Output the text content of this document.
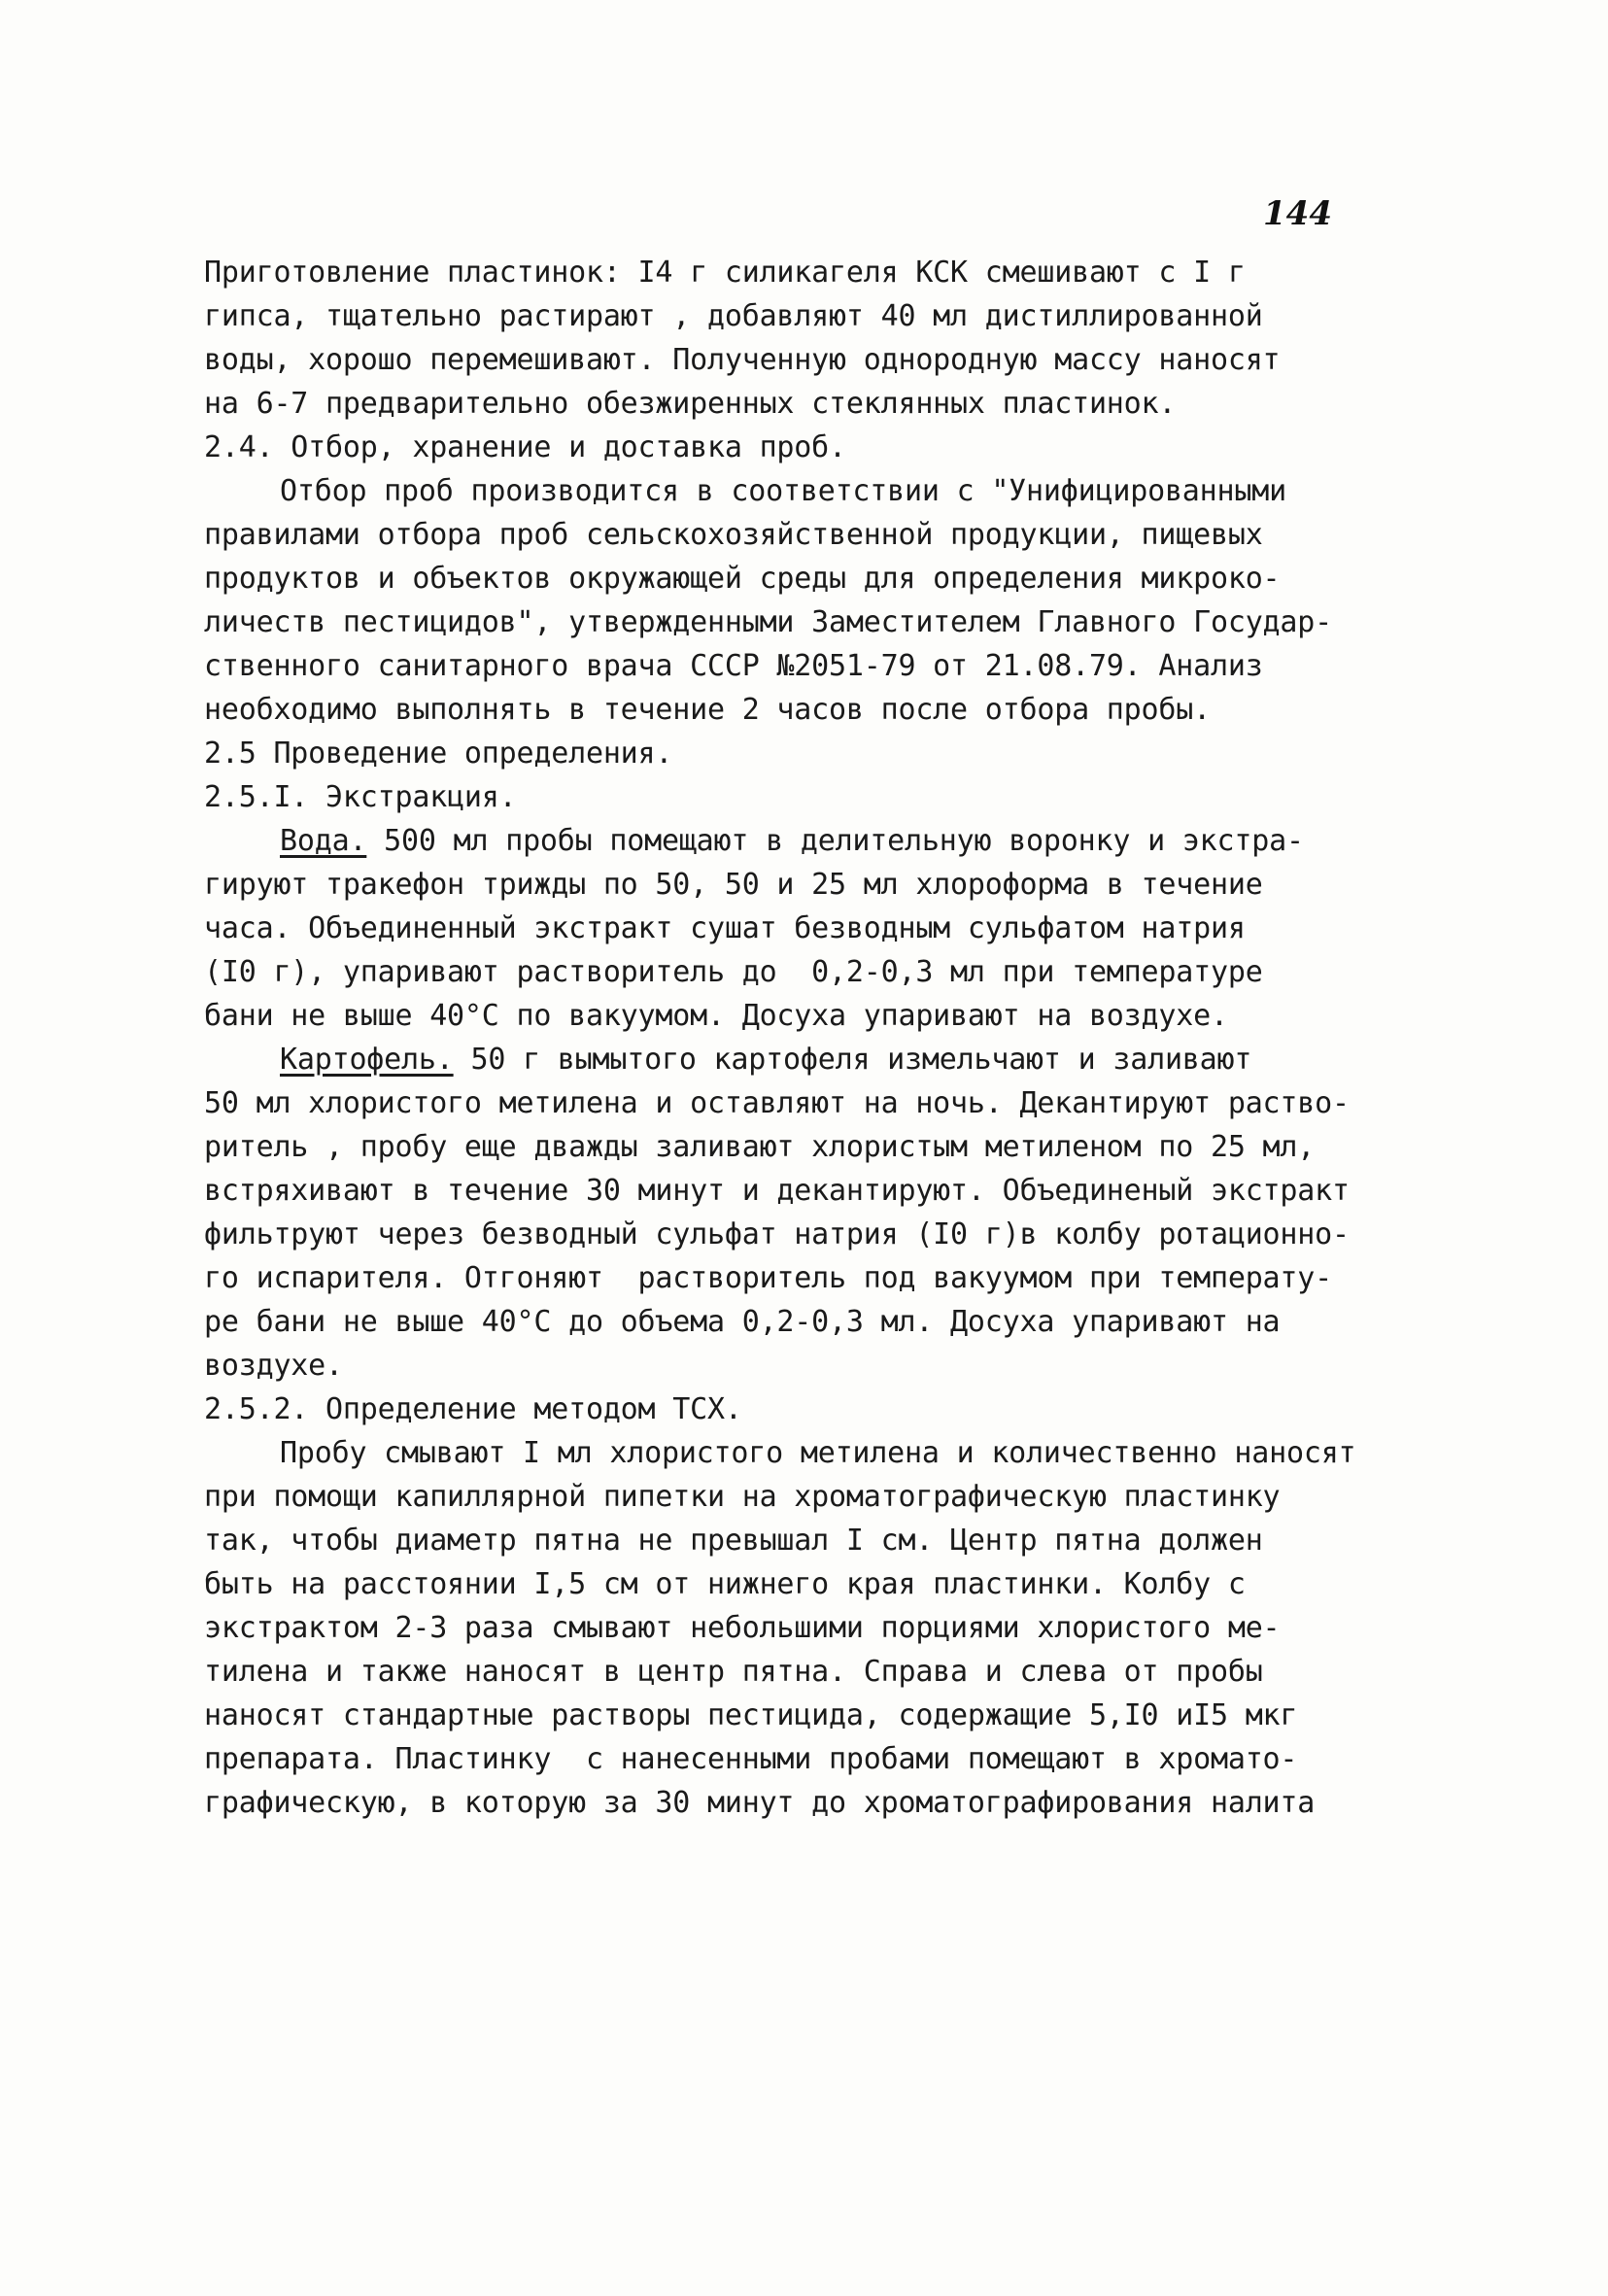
144
Приготовление пластинок: I4 г силикагеля КСК смешивают с I г
гипса, тщательно растирают , добавляют 40 мл дистиллированной
воды, хорошо перемешивают. Полученную однородную массу наносят
на 6-7 предварительно обезжиренных стеклянных пластинок.
2.4. Отбор, хранение и доставка проб.
Отбор проб производится в соответствии с "Унифицированными
правилами отбора проб сельскохозяйственной продукции, пищевых
продуктов и объектов окружающей среды для определения микроко-
личеств пестицидов", утвержденными Заместителем Главного Государ-
ственного санитарного врача СССР №2051-79 от 21.08.79. Анализ
необходимо выполнять в течение 2 часов после отбора пробы.
2.5 Проведение определения.
2.5.I. Экстракция.
Вода. 500 мл пробы помещают в делительную воронку и экстра-
гируют тракефон трижды по 50, 50 и 25 мл хлороформа в течение
часа. Объединенный экстракт сушат безводным сульфатом натрия
(I0 г), упаривают растворитель до  0,2-0,3 мл при температуре
бани не выше 40°C по вакуумом. Досуха упаривают на воздухе.
Картофель. 50 г вымытого картофеля измельчают и заливают
50 мл хлористого метилена и оставляют на ночь. Декантируют раство-
ритель , пробу еще дважды заливают хлористым метиленом по 25 мл,
встряхивают в течение 30 минут и декантируют. Объединеный экстракт
фильтруют через безводный сульфат натрия (I0 г)в колбу ротационно-
го испарителя. Отгоняют  растворитель под вакуумом при температу-
ре бани не выше 40°C до объема 0,2-0,3 мл. Досуха упаривают на
воздухе.
2.5.2. Определение методом ТСХ.
Пробу смывают I мл хлористого метилена и количественно наносят
при помощи капиллярной пипетки на хроматографическую пластинку
так, чтобы диаметр пятна не превышал I см. Центр пятна должен
быть на расстоянии I,5 см от нижнего края пластинки. Колбу с
экстрактом 2-3 раза смывают небольшими порциями хлористого ме-
тилена и также наносят в центр пятна. Справа и слева от пробы
наносят стандартные растворы пестицида, содержащие 5,I0 иI5 мкг
препарата. Пластинку  с нанесенными пробами помещают в хромато-
графическую, в которую за 30 минут до хроматографирования налита
